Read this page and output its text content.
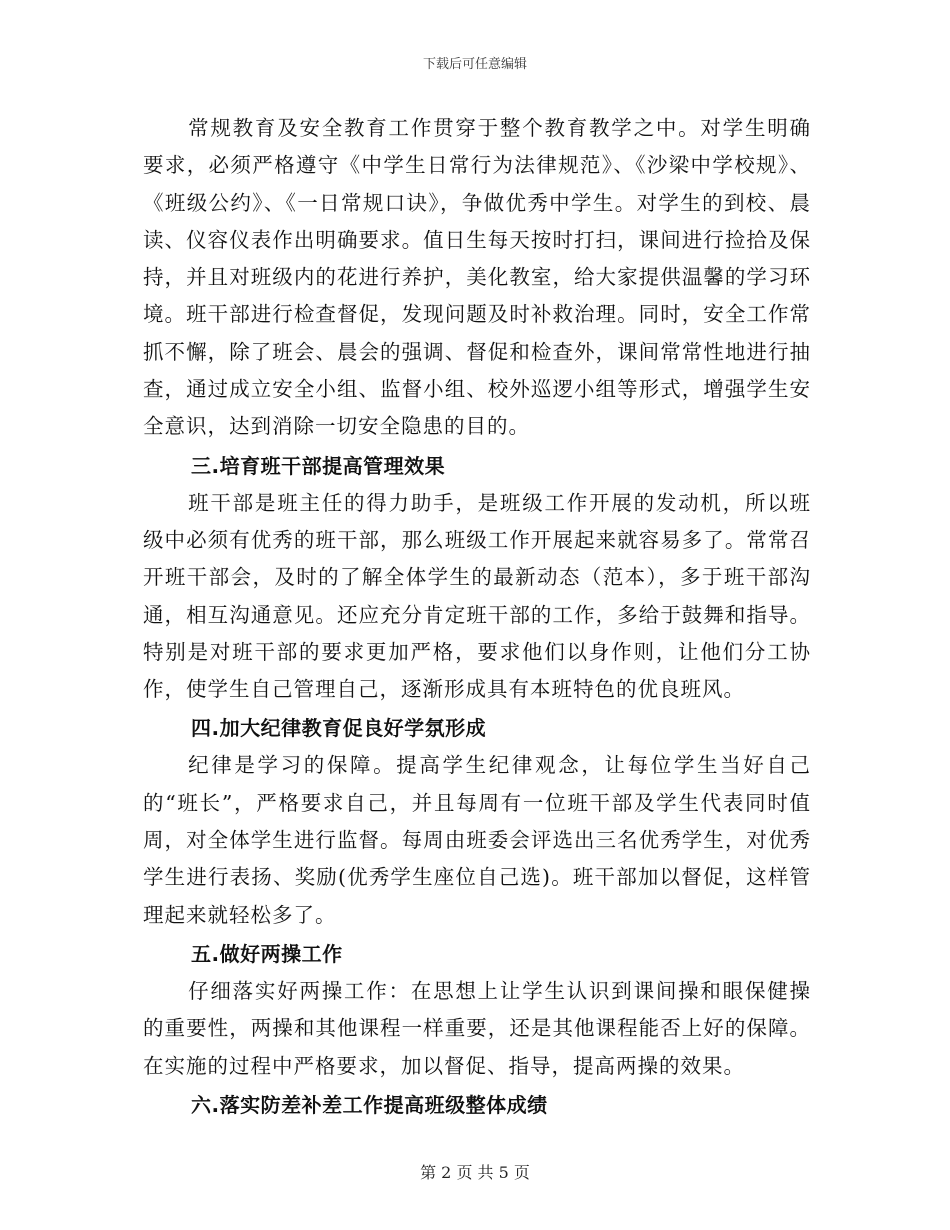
下载后可任意编辑

常规教育及安全教育工作贯穿于整个教育教学之中。对学生明确要求，必须严格遵守《中学生日常行为法律规范》、《沙梁中学校规》、《班级公约》、《一日常规口诀》，争做优秀中学生。对学生的到校、晨读、仪容仪表作出明确要求。值日生每天按时打扫，课间进行捡拾及保持，并且对班级内的花进行养护，美化教室，给大家提供温馨的学习环境。班干部进行检查督促，发现问题及时补救治理。同时，安全工作常抓不懈，除了班会、晨会的强调、督促和检查外，课间常常性地进行抽查，通过成立安全小组、监督小组、校外巡逻小组等形式，增强学生安全意识，达到消除一切安全隐患的目的。

三.培育班干部提高管理效果

班干部是班主任的得力助手，是班级工作开展的发动机，所以班级中必须有优秀的班干部，那么班级工作开展起来就容易多了。常常召开班干部会，及时的了解全体学生的最新动态（范本），多于班干部沟通，相互沟通意见。还应充分肯定班干部的工作，多给于鼓舞和指导。特别是对班干部的要求更加严格，要求他们以身作则，让他们分工协作，使学生自己管理自己，逐渐形成具有本班特色的优良班风。

四.加大纪律教育促良好学氛形成

纪律是学习的保障。提高学生纪律观念，让每位学生当好自己的“班长”，严格要求自己，并且每周有一位班干部及学生代表同时值周，对全体学生进行监督。每周由班委会评选出三名优秀学生，对优秀学生进行表扬、奖励(优秀学生座位自己选)。班干部加以督促，这样管理起来就轻松多了。

五.做好两操工作

仔细落实好两操工作：在思想上让学生认识到课间操和眼保健操的重要性，两操和其他课程一样重要，还是其他课程能否上好的保障。在实施的过程中严格要求，加以督促、指导，提高两操的效果。

六.落实防差补差工作提高班级整体成绩
第 2 页 共 5 页
